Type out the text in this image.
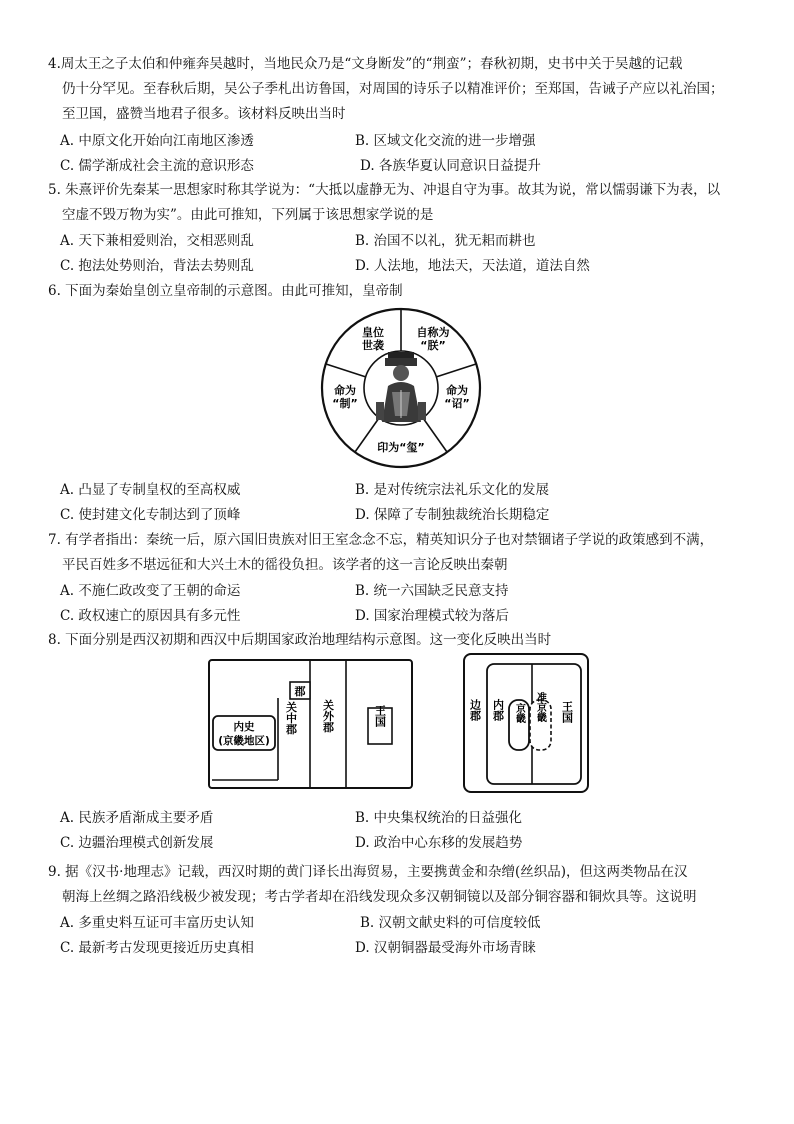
4.周太王之子太伯和仲雍奔吴越时，当地民众乃是“文身断发”的“荆蛮”；春秋初期，史书中关于吴越的记载
仍十分罕见。至春秋后期，吴公子季札出访鲁国，对周国的诗乐子以精准评价；至郑国，告诫子产应以礼治国；
至卫国，盛赞当地君子很多。该材料反映出当时
A. 中原文化开始向江南地区渗透	B. 区域文化交流的进一步增强
C. 儒学渐成社会主流的意识形态	D. 各族华夏认同意识日益提升
5. 朱熹评价先秦某一思想家时称其学说为：“大抵以虚静无为、冲退自守为事。故其为说，常以懦弱谦下为表，以
空虚不毁万物为实”。由此可推知，下列属于该思想家学说的是
A. 天下兼相爱则治，交相恶则乱	B. 治国不以礼，犹无耜而耕也
C. 抱法处势则治，背法去势则乱	D. 人法地，地法天，天法道，道法自然
6. 下面为秦始皇创立皇帝制的示意图。由此可推知，皇帝制
皇位
世袭
自称为
“朕”
命为
“诏”
印为“玺”
命为
“制”
A. 凸显了专制皇权的至高权威	B. 是对传统宗法礼乐文化的发展
C. 使封建文化专制达到了顶峰	D. 保障了专制独裁统治长期稳定
7. 有学者指出：秦统一后，原六国旧贵族对旧王室念念不忘，精英知识分子也对禁锢诸子学说的政策感到不满，
平民百姓多不堪远征和大兴土木的徭役负担。该学者的这一言论反映出秦朝
A. 不施仁政改变了王朝的命运	B. 统一六国缺乏民意支持
C. 政权速亡的原因具有多元性	D. 国家治理模式较为落后
8. 下面分别是西汉初期和西汉中后期国家政治地理结构示意图。这一变化反映出当时
内史
(京畿地区)
郡
关中郡 关外郡	王国	边郡 内郡 京畿 准京畿 王国
A. 民族矛盾渐成主要矛盾	B. 中央集权统治的日益强化
C. 边疆治理模式创新发展	D. 政治中心东移的发展趋势
9. 据《汉书·地理志》记载，西汉时期的黄门译长出海贸易，主要携黄金和杂缯(丝织品)，但这两类物品在汉
朝海上丝绸之路沿线极少被发现；考古学者却在沿线发现众多汉朝铜镜以及部分铜容器和铜炊具等。这说明
A. 多重史料互证可丰富历史认知	B. 汉朝文献史料的可信度较低
C. 最新考古发现更接近历史真相	D. 汉朝铜器最受海外市场青睐
